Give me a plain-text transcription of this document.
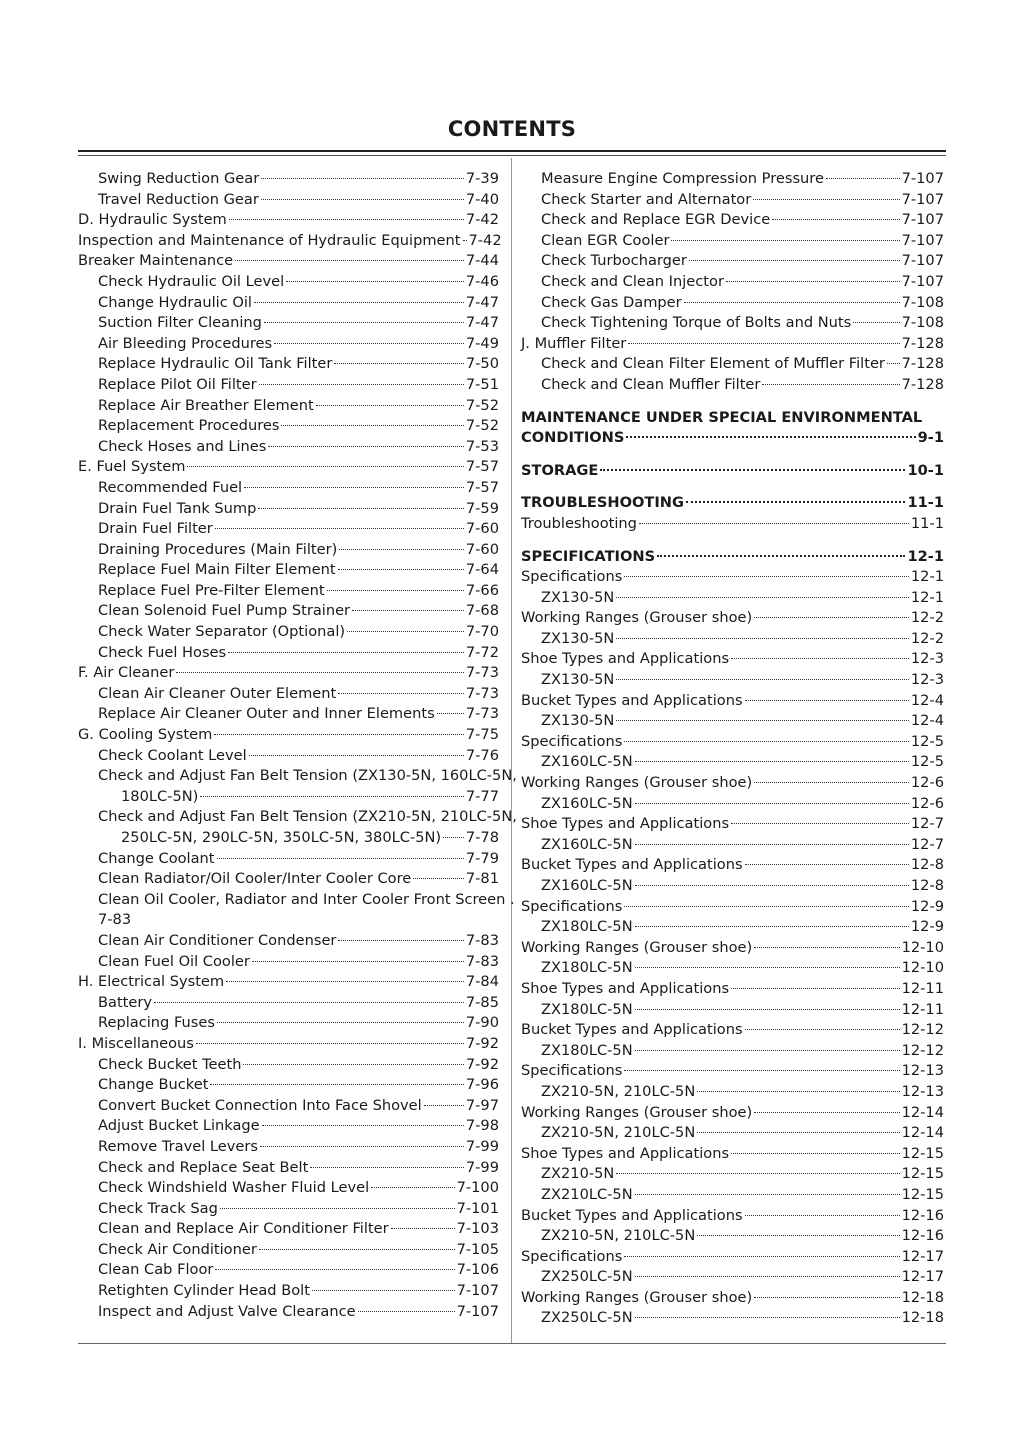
CONTENTS
Swing Reduction Gear	7-39
Travel Reduction Gear	7-40
D. Hydraulic System	7-42
Inspection and Maintenance of Hydraulic Equipment 7-42
Breaker Maintenance	7-44
Check Hydraulic Oil Level	7-46
Change Hydraulic Oil	7-47
Suction Filter Cleaning	7-47
Air Bleeding Procedures	7-49
Replace Hydraulic Oil Tank Filter	7-50
Replace Pilot Oil Filter	7-51
Replace Air Breather Element	7-52
Replacement Procedures	7-52
Check Hoses and Lines	7-53
E. Fuel System	7-57
Recommended Fuel	7-57
Drain Fuel Tank Sump	7-59
Drain Fuel Filter	7-60
Draining Procedures (Main Filter)	7-60
Replace Fuel Main Filter Element	7-64
Replace Fuel Pre-Filter Element	7-66
Clean Solenoid Fuel Pump Strainer	7-68
Check Water Separator (Optional)	7-70
Check Fuel Hoses	7-72
F. Air Cleaner	7-73
Clean Air Cleaner Outer Element	7-73
Replace Air Cleaner Outer and Inner Elements 7-73
G. Cooling System	7-75
Check Coolant Level	7-76
Check and Adjust Fan Belt Tension (ZX130-5N, 160LC-5N,
180LC-5N)	7-77
Check and Adjust Fan Belt Tension (ZX210-5N, 210LC-5N,
250LC-5N, 290LC-5N, 350LC-5N, 380LC-5N) 7-78
Change Coolant	7-79
Clean Radiator/Oil Cooler/Inter Cooler Core	7-81
Clean Oil Cooler, Radiator and Inter Cooler Front Screen .
7-83
Clean Air Conditioner Condenser	7-83
Clean Fuel Oil Cooler	7-83
H. Electrical System	7-84
Battery	7-85
Replacing Fuses	7-90
I. Miscellaneous	7-92
Check Bucket Teeth	7-92
Change Bucket	7-96
Convert Bucket Connection Into Face Shovel	7-97
Adjust Bucket Linkage	7-98
Remove Travel Levers	7-99
Check and Replace Seat Belt	7-99
Check Windshield Washer Fluid Level	7-100
Check Track Sag	7-101
Clean and Replace Air Conditioner Filter	7-103
Check Air Conditioner	7-105
Clean Cab Floor	7-106
Retighten Cylinder Head Bolt	7-107
Inspect and Adjust Valve Clearance	7-107
Measure Engine Compression Pressure	7-107
Check Starter and Alternator	7-107
Check and Replace EGR Device	7-107
Clean EGR Cooler	7-107
Check Turbocharger	7-107
Check and Clean Injector	7-107
Check Gas Damper	7-108
Check Tightening Torque of Bolts and Nuts	7-108
J. Muffler Filter	7-128
Check and Clean Filter Element of Muffler Filter 7-128
Check and Clean Muffler Filter	7-128
MAINTENANCE UNDER SPECIAL ENVIRONMENTAL
CONDITIONS	9-1
STORAGE	10-1
TROUBLESHOOTING	11-1
Troubleshooting	11-1
SPECIFICATIONS	12-1
Specifications	12-1
ZX130-5N	12-1
Working Ranges (Grouser shoe)	12-2
ZX130-5N	12-2
Shoe Types and Applications	12-3
ZX130-5N	12-3
Bucket Types and Applications	12-4
ZX130-5N	12-4
Specifications	12-5
ZX160LC-5N	12-5
Working Ranges (Grouser shoe)	12-6
ZX160LC-5N	12-6
Shoe Types and Applications	12-7
ZX160LC-5N	12-7
Bucket Types and Applications	12-8
ZX160LC-5N	12-8
Specifications	12-9
ZX180LC-5N	12-9
Working Ranges (Grouser shoe)	12-10
ZX180LC-5N	12-10
Shoe Types and Applications	12-11
ZX180LC-5N	12-11
Bucket Types and Applications	12-12
ZX180LC-5N	12-12
Specifications	12-13
ZX210-5N, 210LC-5N	12-13
Working Ranges (Grouser shoe)	12-14
ZX210-5N, 210LC-5N	12-14
Shoe Types and Applications	12-15
ZX210-5N	12-15
ZX210LC-5N	12-15
Bucket Types and Applications	12-16
ZX210-5N, 210LC-5N	12-16
Specifications	12-17
ZX250LC-5N	12-17
Working Ranges (Grouser shoe)	12-18
ZX250LC-5N	12-18
